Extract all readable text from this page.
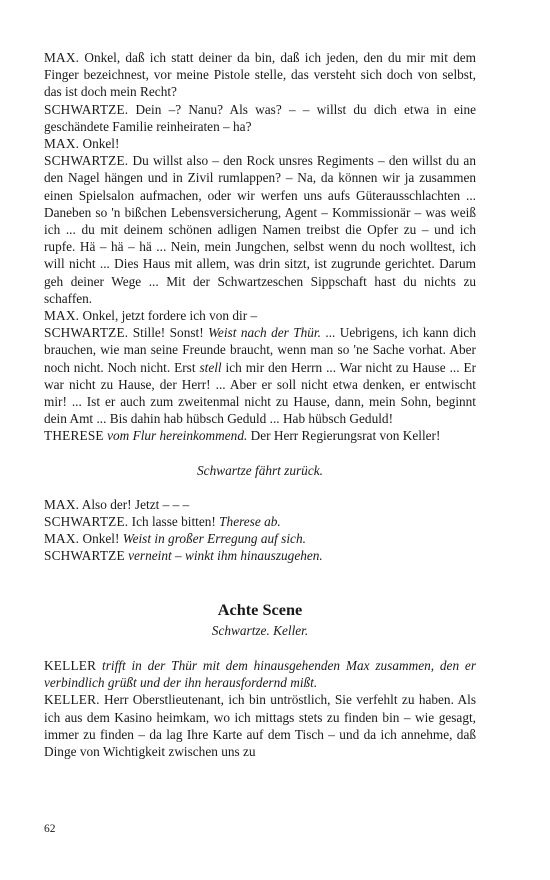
MAX. Onkel, daß ich statt deiner da bin, daß ich jeden, den du mir mit dem Finger bezeichnest, vor meine Pistole stelle, das versteht sich doch von selbst, das ist doch mein Recht?

SCHWARTZE. Dein –? Nanu? Als was? – – willst du dich etwa in eine geschändete Familie reinheiraten – ha?

MAX. Onkel!

SCHWARTZE. Du willst also – den Rock unsres Regiments – den willst du an den Nagel hängen und in Zivil rumlappen? – Na, da können wir ja zusammen einen Spielsalon aufmachen, oder wir werfen uns aufs Güterausschlachten ... Daneben so 'n bißchen Lebensversicherung, Agent – Kommissionär – was weiß ich ... du mit deinem schönen adligen Namen treibst die Opfer zu – und ich rupfe. Hä – hä – hä ... Nein, mein Jungchen, selbst wenn du noch wolltest, ich will nicht ... Dies Haus mit allem, was drin sitzt, ist zugrunde gerichtet. Darum geh deiner Wege ... Mit der Schwartzeschen Sippschaft hast du nichts zu schaffen.

MAX. Onkel, jetzt fordere ich von dir –

SCHWARTZE. Stille! Sonst! Weist nach der Thür. ... Uebrigens, ich kann dich brauchen, wie man seine Freunde braucht, wenn man so 'ne Sache vorhat. Aber noch nicht. Noch nicht. Erst stell ich mir den Herrn ... War nicht zu Hause ... Er war nicht zu Hause, der Herr! ... Aber er soll nicht etwa denken, er entwischt mir! ... Ist er auch zum zweitenmal nicht zu Hause, dann, mein Sohn, beginnt dein Amt ... Bis dahin hab hübsch Geduld ... Hab hübsch Geduld!

THERESE vom Flur hereinkommend. Der Herr Regierungsrat von Keller!

Schwartze fährt zurück.

MAX. Also der! Jetzt – – –

SCHWARTZE. Ich lasse bitten! Therese ab.

MAX. Onkel! Weist in großer Erregung auf sich.

SCHWARTZE verneint – winkt ihm hinauszugehen.

Achte Scene

Schwartze. Keller.

KELLER trifft in der Thür mit dem hinausgehenden Max zusammen, den er verbindlich grüßt und der ihn herausfordernd mißt.

KELLER. Herr Oberstlieutenant, ich bin untröstlich, Sie verfehlt zu haben. Als ich aus dem Kasino heimkam, wo ich mittags stets zu finden bin – wie gesagt, immer zu finden – da lag Ihre Karte auf dem Tisch – und da ich annehme, daß Dinge von Wichtigkeit zwischen uns zu

62
